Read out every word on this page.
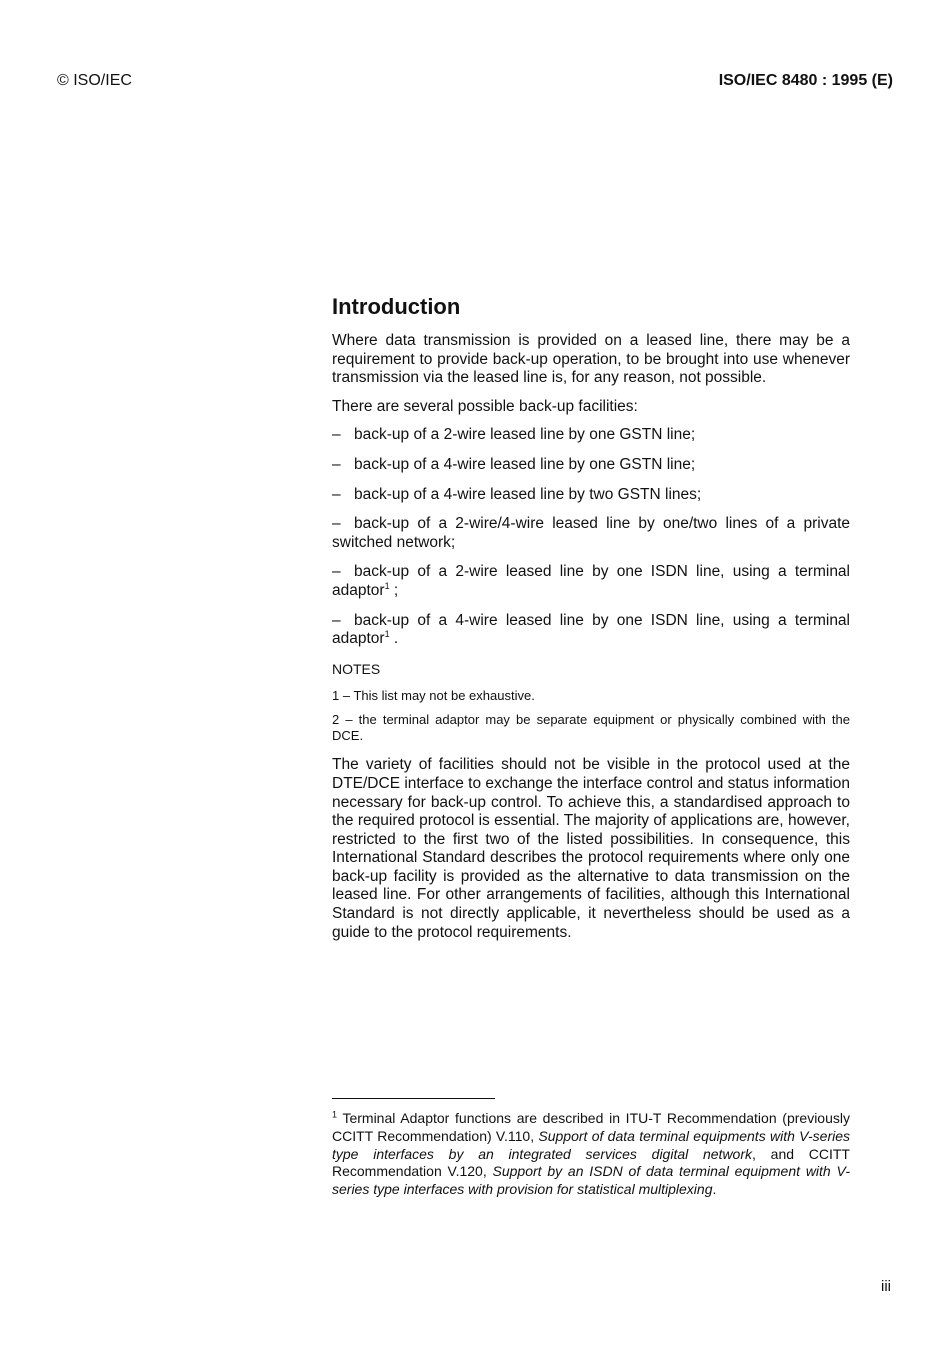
© ISO/IEC	ISO/IEC 8480 : 1995 (E)
Introduction

Where data transmission is provided on a leased line, there may be a requirement to provide back-up operation, to be brought into use whenever transmission via the leased line is, for any reason, not possible.

There are several possible back-up facilities:

– back-up of a 2-wire leased line by one GSTN line;
– back-up of a 4-wire leased line by one GSTN line;
– back-up of a 4-wire leased line by two GSTN lines;
– back-up of a 2-wire/4-wire leased line by one/two lines of a private switched network;
– back-up of a 2-wire leased line by one ISDN line, using a terminal adaptor$^1$ ;
– back-up of a 4-wire leased line by one ISDN line, using a terminal adaptor$^1$ .
NOTES
1 – This list may not be exhaustive.
2 – the terminal adaptor may be separate equipment or physically combined with the DCE.

The variety of facilities should not be visible in the protocol used at the DTE/DCE interface to exchange the interface control and status information necessary for back-up control. To achieve this, a standardised approach to the required protocol is essential. The majority of applications are, however, restricted to the first two of the listed possibilities. In consequence, this International Standard describes the protocol requirements where only one back-up facility is provided as the alternative to data transmission on the leased line. For other arrangements of facilities, although this International Standard is not directly applicable, it nevertheless should be used as a guide to the protocol requirements.

$^1$ Terminal Adaptor functions are described in ITU-T Recommendation (previously CCITT Recommendation) V.110, Support of data terminal equipments with V-series type interfaces by an integrated services digital network, and CCITT Recommendation V.120, Support by an ISDN of data terminal equipment with V-series type interfaces with provision for statistical multiplexing.
iii
